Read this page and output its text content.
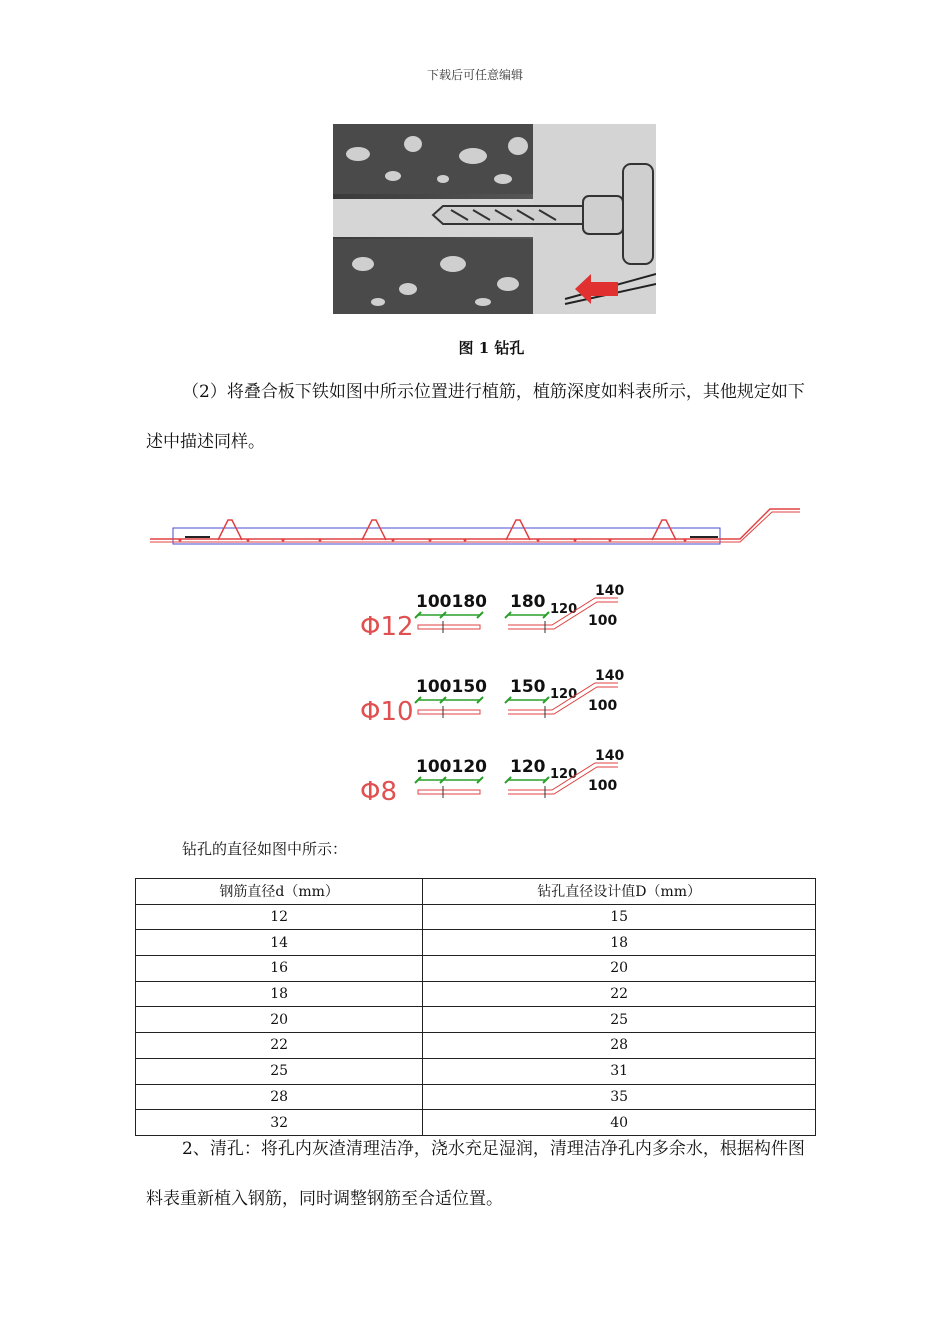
下载后可任意编辑
图 1 钻孔
（2）将叠合板下铁如图中所示位置进行植筋，植筋深度如料表所示，其他规定如下述中描述同样。
Φ12
100180 180 120
140
100
Φ10
100150 150 120
140
100
Φ8
100120 120 120
140
100
钻孔的直径如图中所示：
钢筋直径d（mm）	钻孔直径设计值D（mm）
12	15
14	18
16	20
18	22
20	25
22	28
25	31
28	35
32	40
2、清孔：将孔内灰渣清理洁净，浇水充足湿润，清理洁净孔内多余水，根据构件图料表重新植入钢筋，同时调整钢筋至合适位置。
